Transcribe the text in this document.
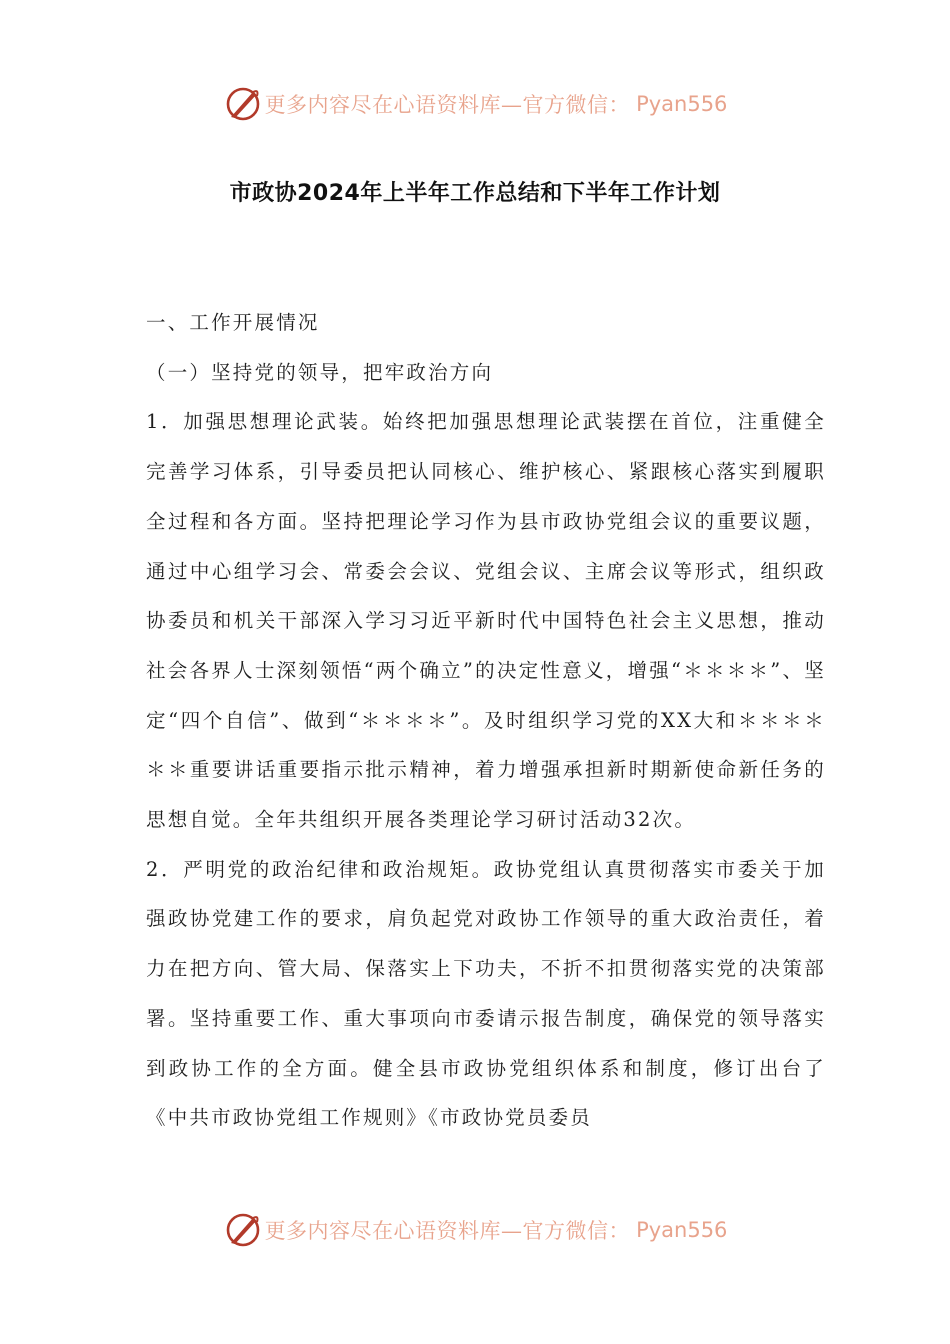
更多内容尽在心语资料库—官方微信： Pyan556
市政协2024年上半年工作总结和下半年工作计划

一、工作开展情况

（一）坚持党的领导，把牢政治方向

1．加强思想理论武装。始终把加强思想理论武装摆在首位，注重健全完善学习体系，引导委员把认同核心、维护核心、紧跟核心落实到履职全过程和各方面。坚持把理论学习作为县市政协党组会议的重要议题，通过中心组学习会、常委会会议、党组会议、主席会议等形式，组织政协委员和机关干部深入学习习近平新时代中国特色社会主义思想，推动社会各界人士深刻领悟“两个确立”的决定性意义，增强“＊＊＊＊”、坚定“四个自信”、做到“＊＊＊＊”。及时组织学习党的XX大和＊＊＊＊＊＊重要讲话重要指示批示精神，着力增强承担新时期新使命新任务的思想自觉。全年共组织开展各类理论学习研讨活动32次。

2．严明党的政治纪律和政治规矩。政协党组认真贯彻落实市委关于加强政协党建工作的要求，肩负起党对政协工作领导的重大政治责任，着力在把方向、管大局、保落实上下功夫，不折不扣贯彻落实党的决策部署。坚持重要工作、重大事项向市委请示报告制度，确保党的领导落实到政协工作的全方面。健全县市政协党组织体系和制度，修订出台了《中共市政协党组工作规则》《市政协党员委员

更多内容尽在心语资料库—官方微信： Pyan556
